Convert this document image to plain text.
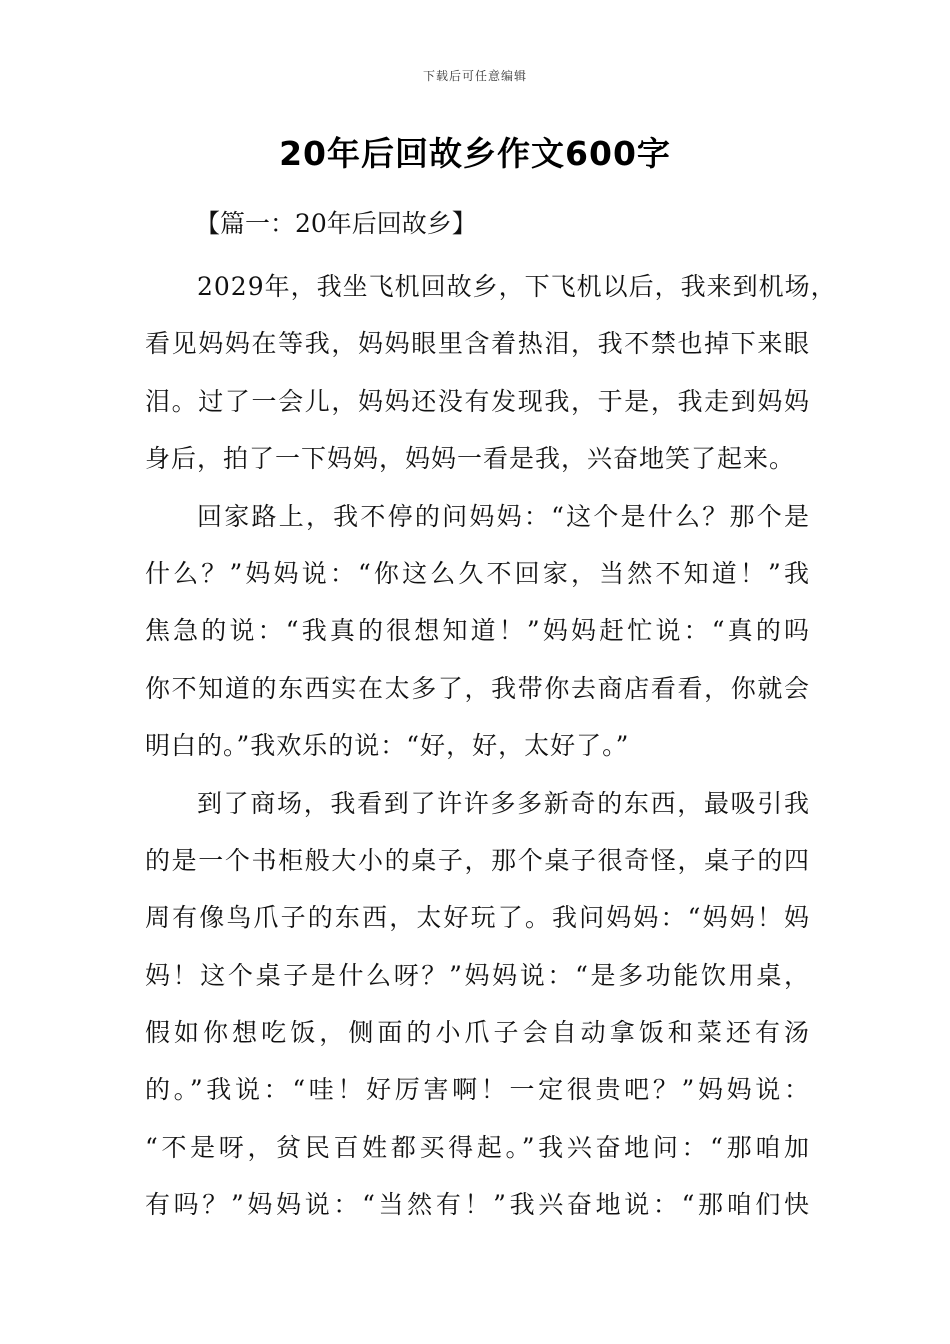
下载后可任意编辑
20年后回故乡作文600字
【篇一：20年后回故乡】
2029年，我坐飞机回故乡，下飞机以后，我来到机场，
看见妈妈在等我，妈妈眼里含着热泪，我不禁也掉下来眼
泪。过了一会儿，妈妈还没有发现我，于是，我走到妈妈
身后，拍了一下妈妈，妈妈一看是我，兴奋地笑了起来。
回家路上，我不停的问妈妈：“这个是什么？那个是
什么？”妈妈说：“你这么久不回家，当然不知道！”我
焦急的说：“我真的很想知道！”妈妈赶忙说：“真的吗
你不知道的东西实在太多了，我带你去商店看看，你就会
明白的。”我欢乐的说：“好，好，太好了。”
到了商场，我看到了许许多多新奇的东西，最吸引我
的是一个书柜般大小的桌子，那个桌子很奇怪，桌子的四
周有像鸟爪子的东西，太好玩了。我问妈妈：“妈妈！妈
妈！这个桌子是什么呀？”妈妈说：“是多功能饮用桌，
假如你想吃饭，侧面的小爪子会自动拿饭和菜还有汤
的。”我说：“哇！好厉害啊！一定很贵吧？”妈妈说：
“不是呀，贫民百姓都买得起。”我兴奋地问：“那咱加
有吗？”妈妈说：“当然有！”我兴奋地说：“那咱们快
